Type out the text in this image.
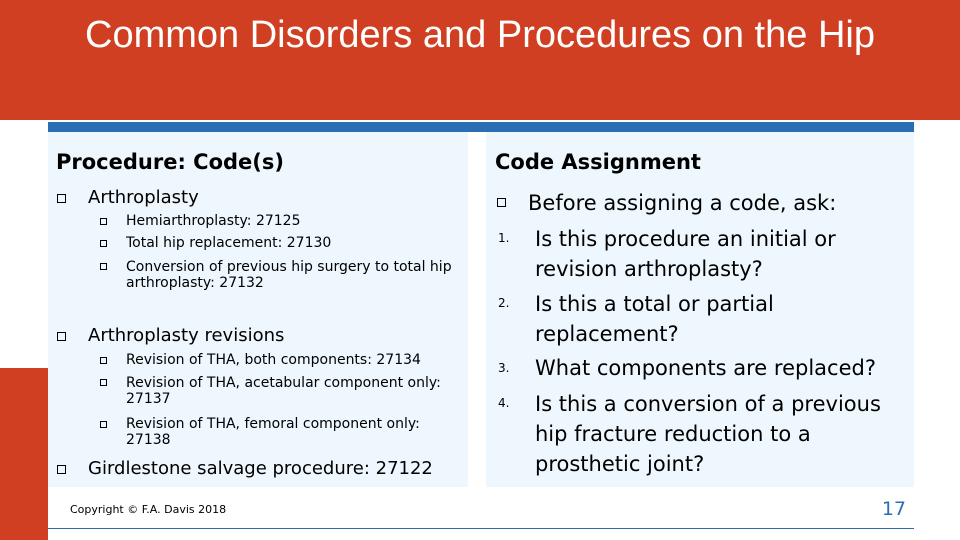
Common Disorders and Procedures on the Hip
Procedure: Code(s)
Arthroplasty
Hemiarthroplasty: 27125
Total hip replacement: 27130
Conversion of previous hip surgery to total hip arthroplasty: 27132
Arthroplasty revisions
Revision of THA, both components: 27134
Revision of THA, acetabular component only: 27137
Revision of THA, femoral component only: 27138
Girdlestone salvage procedure: 27122
Code Assignment
Before assigning a code, ask:
1. Is this procedure an initial or revision arthroplasty?
2. Is this a total or partial replacement?
3. What components are replaced?
4. Is this a conversion of a previous hip fracture reduction to a prosthetic joint?
Copyright © F.A. Davis 2018	17
